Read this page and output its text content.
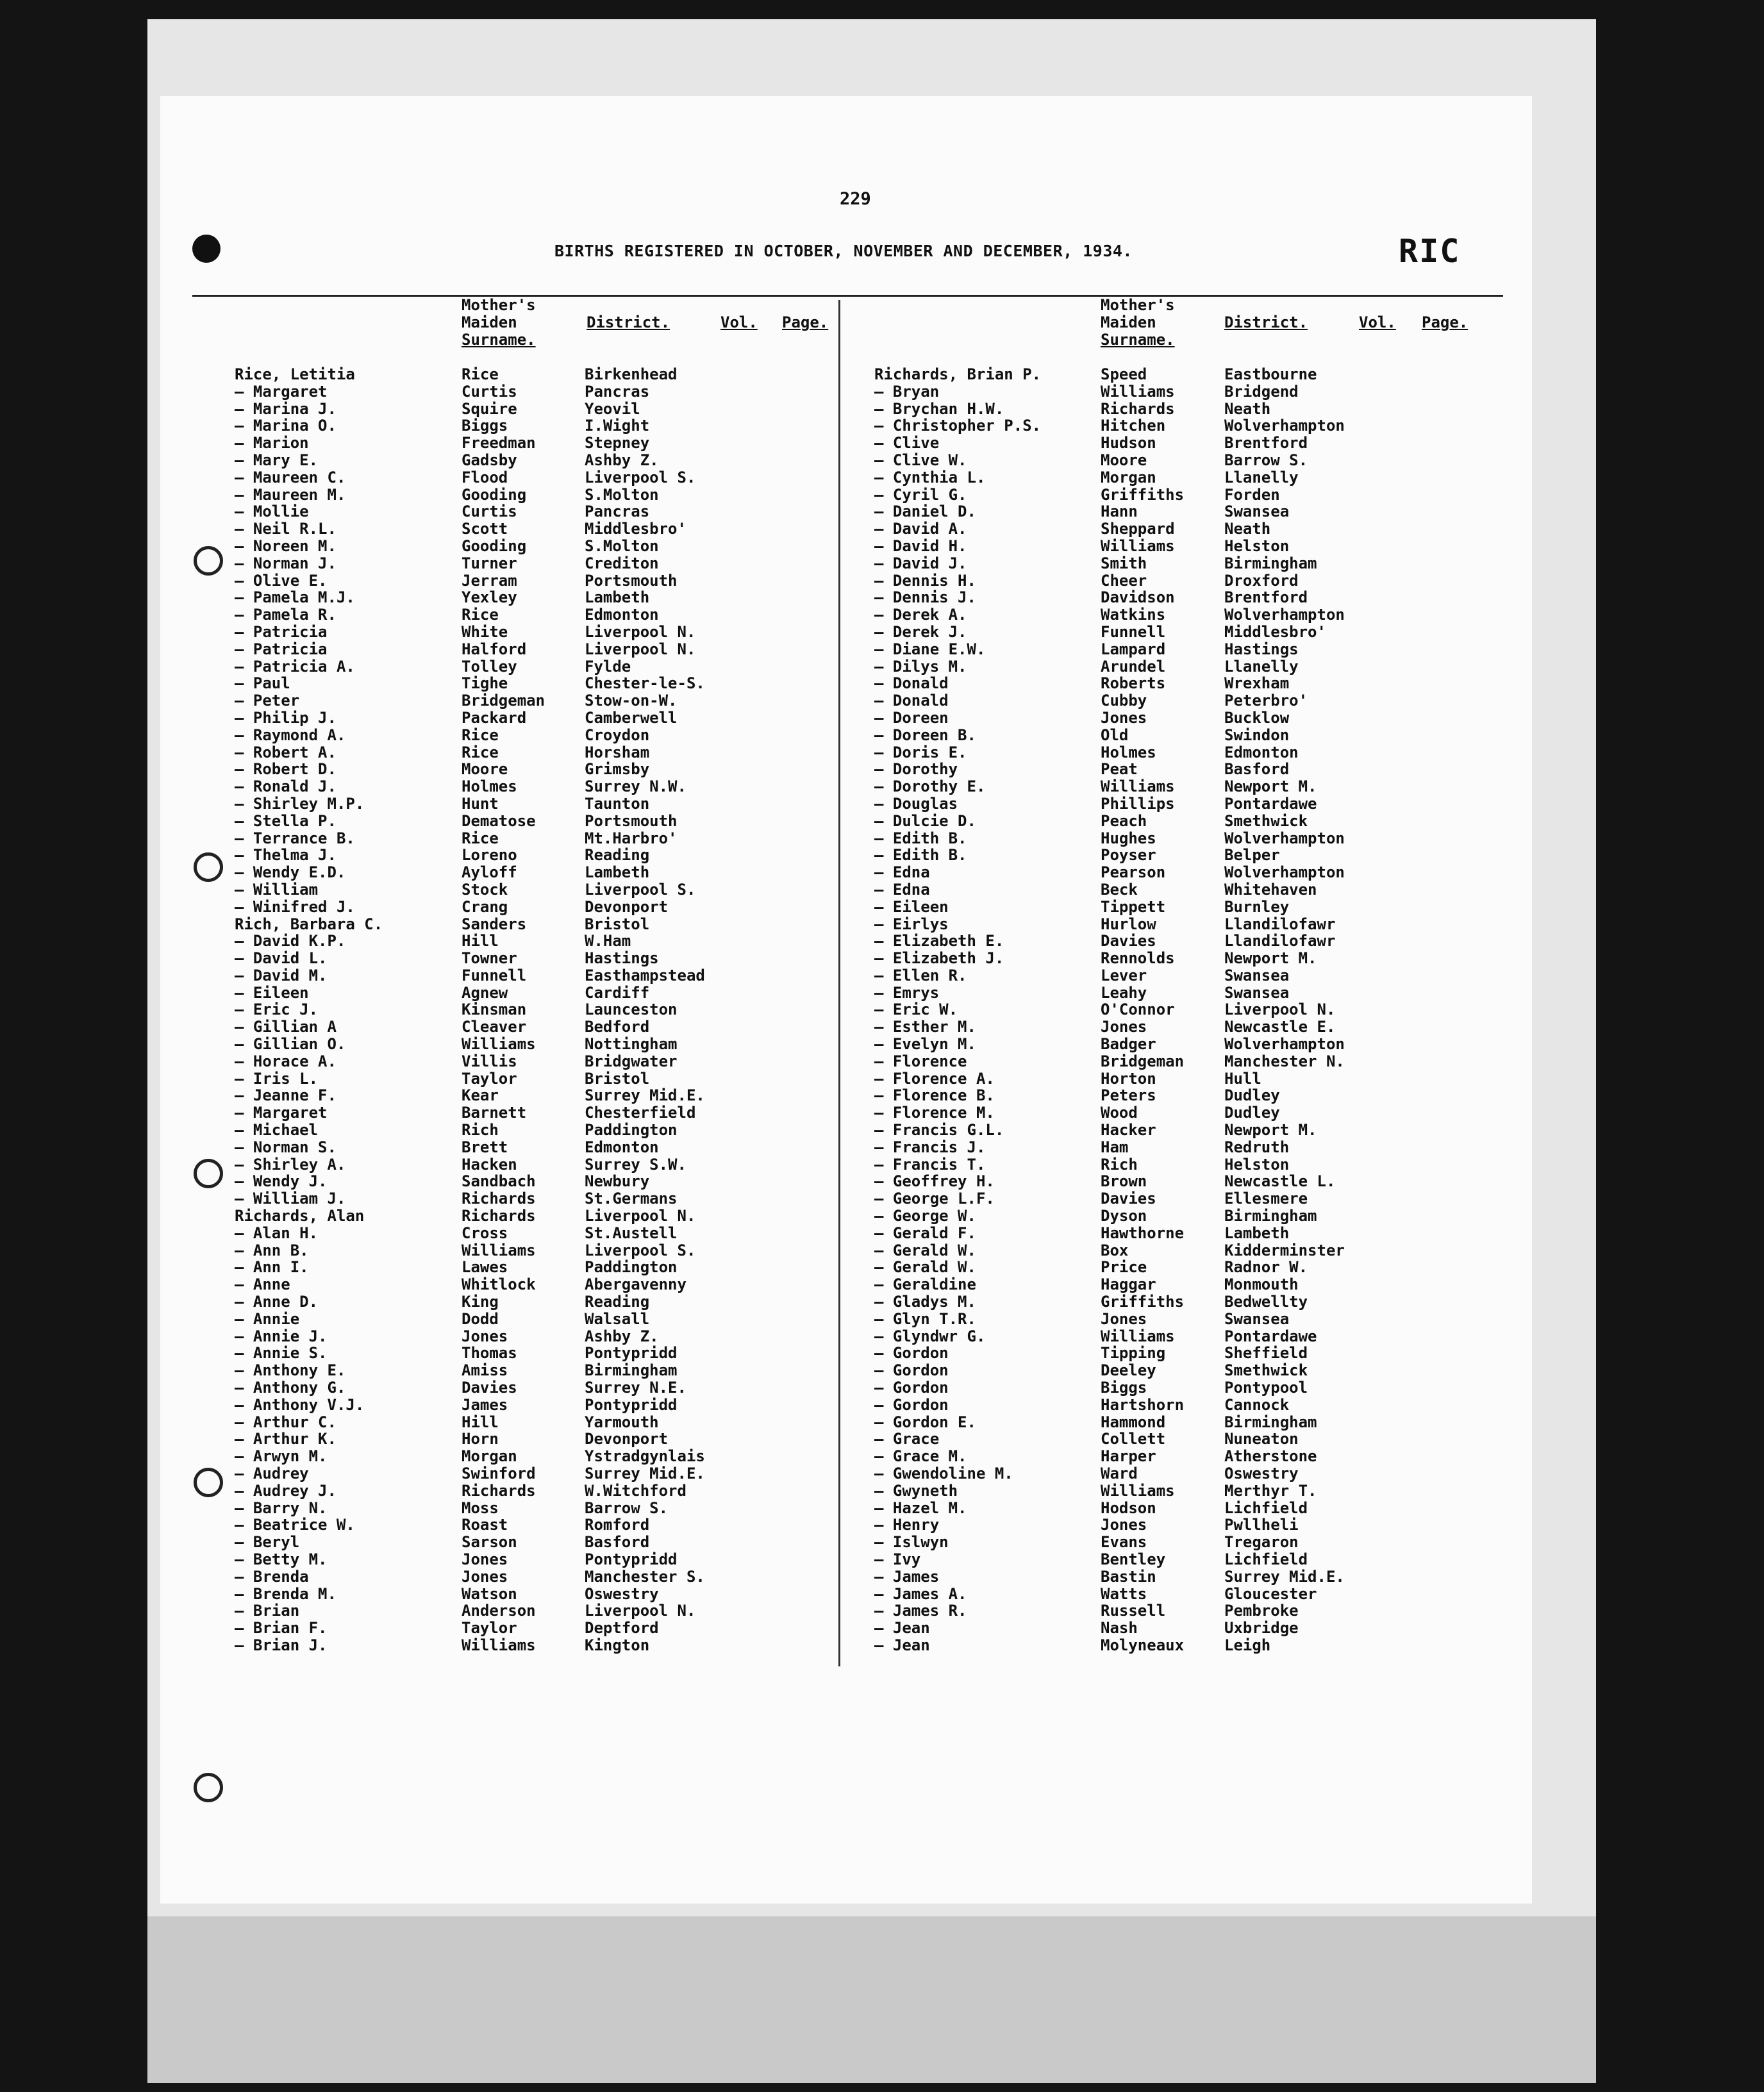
229
BIRTHS REGISTERED IN OCTOBER, NOVEMBER AND DECEMBER, 1934.	RIC
Mother's
Maiden
Surname.
District.	Vol. Page.
Mother's
Maiden
Surname.
District.	Vol. Page.
Rice, Letitia	Rice	Birkenhead
— Margaret	Curtis	Pancras
— Marina J.	Squire	Yeovil
— Marina O.	Biggs	I.Wight
— Marion	Freedman	Stepney
— Mary E.	Gadsby	Ashby Z.
— Maureen C.	Flood	Liverpool S.
— Maureen M.	Gooding	S.Molton
— Mollie	Curtis	Pancras
— Neil R.L.	Scott	Middlesbro'
— Noreen M.	Gooding	S.Molton
— Norman J.	Turner	Crediton
— Olive E.	Jerram	Portsmouth
— Pamela M.J.	Yexley	Lambeth
— Pamela R.	Rice	Edmonton
— Patricia	White	Liverpool N.
— Patricia	Halford	Liverpool N.
— Patricia A.	Tolley	Fylde
— Paul	Tighe	Chester-le-S.
— Peter	Bridgeman	Stow-on-W.
— Philip J.	Packard	Camberwell
— Raymond A.	Rice	Croydon
— Robert A.	Rice	Horsham
— Robert D.	Moore	Grimsby
— Ronald J.	Holmes	Surrey N.W.
— Shirley M.P.	Hunt	Taunton
— Stella P.	Dematose	Portsmouth
— Terrance B.	Rice	Mt.Harbro'
— Thelma J.	Loreno	Reading
— Wendy E.D.	Ayloff	Lambeth
— William	Stock	Liverpool S.
— Winifred J.	Crang	Devonport
Rich, Barbara C.	Sanders	Bristol
— David K.P.	Hill	W.Ham
— David L.	Towner	Hastings
— David M.	Funnell	Easthampstead
— Eileen	Agnew	Cardiff
— Eric J.	Kinsman	Launceston
— Gillian A	Cleaver	Bedford
— Gillian O.	Williams	Nottingham
— Horace A.	Villis	Bridgwater
— Iris L.	Taylor	Bristol
— Jeanne F.	Kear	Surrey Mid.E.
— Margaret	Barnett	Chesterfield
— Michael	Rich	Paddington
— Norman S.	Brett	Edmonton
— Shirley A.	Hacken	Surrey S.W.
— Wendy J.	Sandbach	Newbury
— William J.	Richards	St.Germans
Richards, Alan	Richards	Liverpool N.
— Alan H.	Cross	St.Austell
— Ann B.	Williams	Liverpool S.
— Ann I.	Lawes	Paddington
— Anne	Whitlock	Abergavenny
— Anne D.	King	Reading
— Annie	Dodd	Walsall
— Annie J.	Jones	Ashby Z.
— Annie S.	Thomas	Pontypridd
— Anthony E.	Amiss	Birmingham
— Anthony G.	Davies	Surrey N.E.
— Anthony V.J.	James	Pontypridd
— Arthur C.	Hill	Yarmouth
— Arthur K.	Horn	Devonport
— Arwyn M.	Morgan	Ystradgynlais
— Audrey	Swinford	Surrey Mid.E.
— Audrey J.	Richards	W.Witchford
— Barry N.	Moss	Barrow S.
— Beatrice W.	Roast	Romford
— Beryl	Sarson	Basford
— Betty M.	Jones	Pontypridd
— Brenda	Jones	Manchester S.
— Brenda M.	Watson	Oswestry
— Brian	Anderson	Liverpool N.
— Brian F.	Taylor	Deptford
— Brian J.	Williams	Kington
Richards, Brian P.	Speed	Eastbourne
— Bryan	Williams	Bridgend
— Brychan H.W.	Richards	Neath
— Christopher P.S.	Hitchen	Wolverhampton
— Clive	Hudson	Brentford
— Clive W.	Moore	Barrow S.
— Cynthia L.	Morgan	Llanelly
— Cyril G.	Griffiths	Forden
— Daniel D.	Hann	Swansea
— David A.	Sheppard	Neath
— David H.	Williams	Helston
— David J.	Smith	Birmingham
— Dennis H.	Cheer	Droxford
— Dennis J.	Davidson	Brentford
— Derek A.	Watkins	Wolverhampton
— Derek J.	Funnell	Middlesbro'
— Diane E.W.	Lampard	Hastings
— Dilys M.	Arundel	Llanelly
— Donald	Roberts	Wrexham
— Donald	Cubby	Peterbro'
— Doreen	Jones	Bucklow
— Doreen B.	Old	Swindon
— Doris E.	Holmes	Edmonton
— Dorothy	Peat	Basford
— Dorothy E.	Williams	Newport M.
— Douglas	Phillips	Pontardawe
— Dulcie D.	Peach	Smethwick
— Edith B.	Hughes	Wolverhampton
— Edith B.	Poyser	Belper
— Edna	Pearson	Wolverhampton
— Edna	Beck	Whitehaven
— Eileen	Tippett	Burnley
— Eirlys	Hurlow	Llandilofawr
— Elizabeth E.	Davies	Llandilofawr
— Elizabeth J.	Rennolds	Newport M.
— Ellen R.	Lever	Swansea
— Emrys	Leahy	Swansea
— Eric W.	O'Connor	Liverpool N.
— Esther M.	Jones	Newcastle E.
— Evelyn M.	Badger	Wolverhampton
— Florence	Bridgeman	Manchester N.
— Florence A.	Horton	Hull
— Florence B.	Peters	Dudley
— Florence M.	Wood	Dudley
— Francis G.L.	Hacker	Newport M.
— Francis J.	Ham	Redruth
— Francis T.	Rich	Helston
— Geoffrey H.	Brown	Newcastle L.
— George L.F.	Davies	Ellesmere
— George W.	Dyson	Birmingham
— Gerald F.	Hawthorne	Lambeth
— Gerald W.	Box	Kidderminster
— Gerald W.	Price	Radnor W.
— Geraldine	Haggar	Monmouth
— Gladys M.	Griffiths	Bedwellty
— Glyn T.R.	Jones	Swansea
— Glyndwr G.	Williams	Pontardawe
— Gordon	Tipping	Sheffield
— Gordon	Deeley	Smethwick
— Gordon	Biggs	Pontypool
— Gordon	Hartshorn	Cannock
— Gordon E.	Hammond	Birmingham
— Grace	Collett	Nuneaton
— Grace M.	Harper	Atherstone
— Gwendoline M.	Ward	Oswestry
— Gwyneth	Williams	Merthyr T.
— Hazel M.	Hodson	Lichfield
— Henry	Jones	Pwllheli
— Islwyn	Evans	Tregaron
— Ivy	Bentley	Lichfield
— James	Bastin	Surrey Mid.E.
— James A.	Watts	Gloucester
— James R.	Russell	Pembroke
— Jean	Nash	Uxbridge
— Jean	Molyneaux	Leigh
